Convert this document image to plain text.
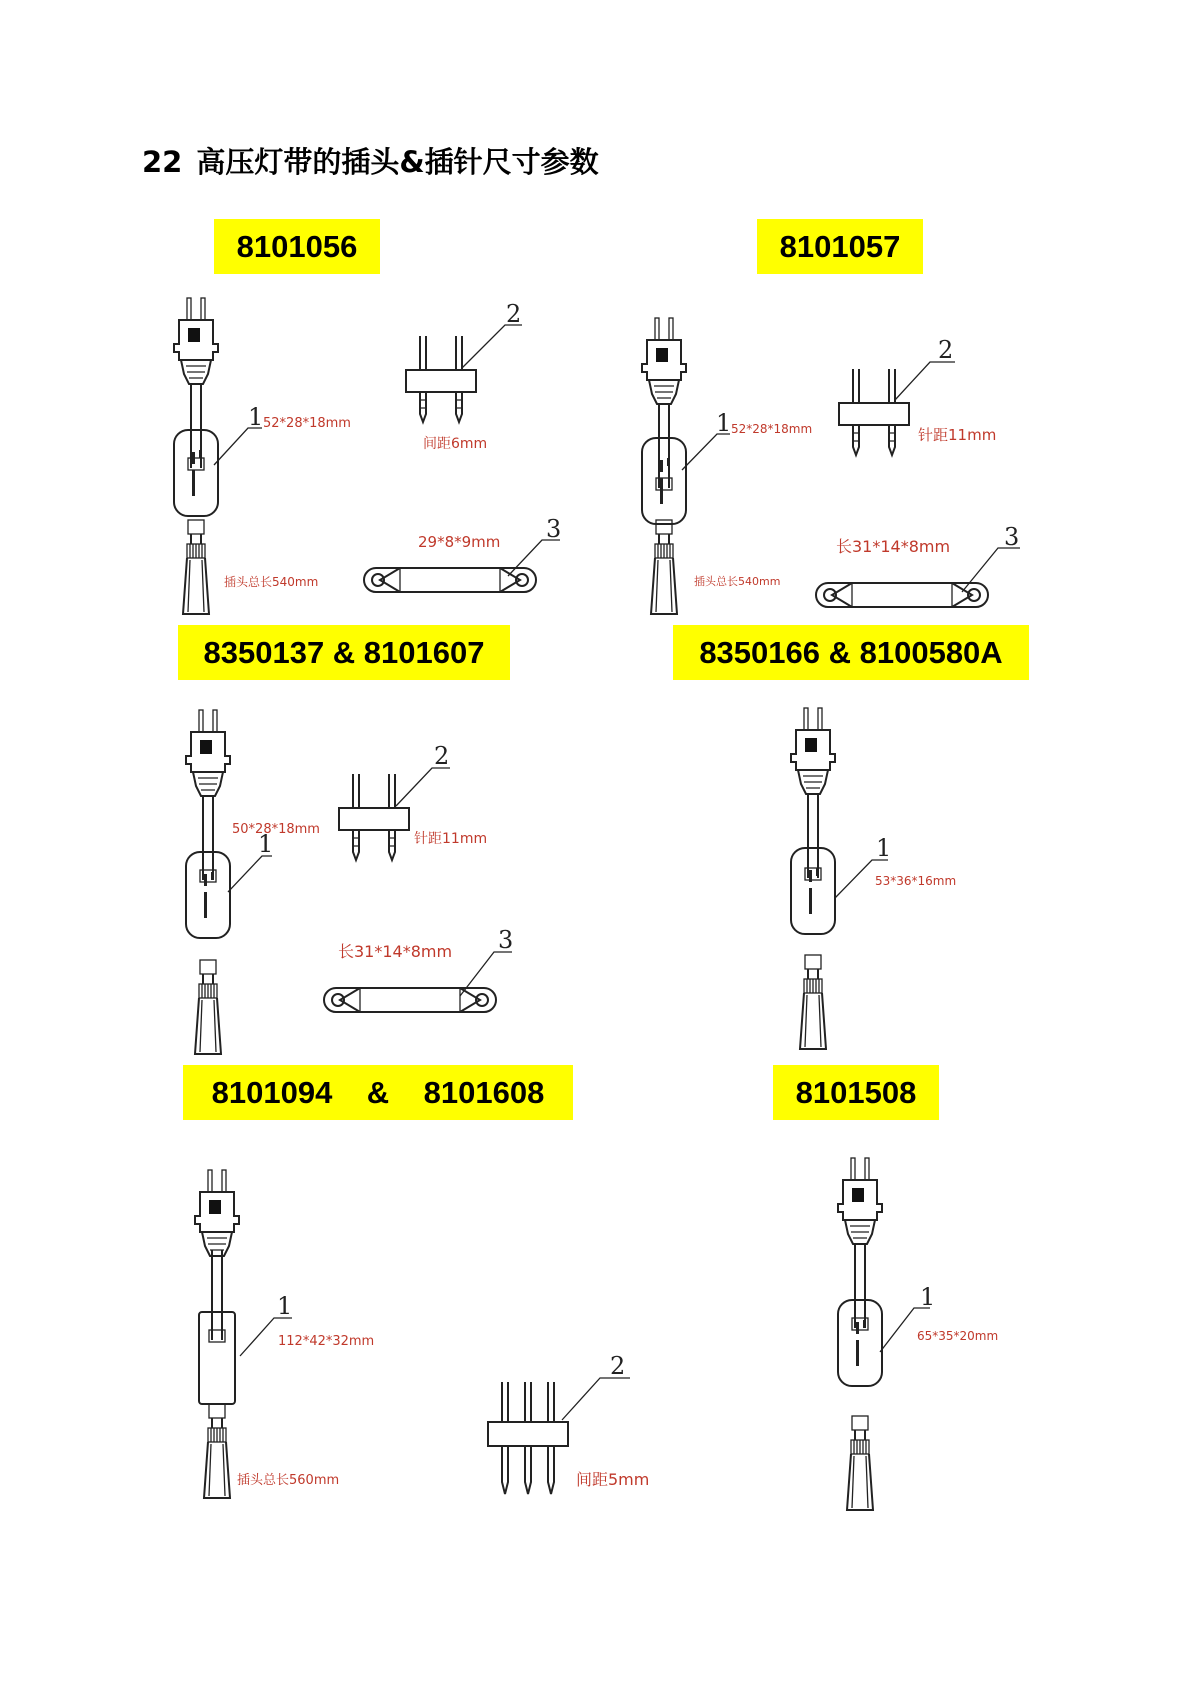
22 高压灯带的插头&插针尺寸参数
8101056	8101057
8350137 & 8101607	8350166 & 8100580A
8101094    &    8101608	8101508
1 52*28*18mm
2
间距6mm
3
29*8*9mm
插头总长540mm
1 52*28*18mm
2
针距11mm
3
长31*14*8mm
插头总长540mm
1
50*28*18mm
2
针距11mm
3
长31*14*8mm
1
53*36*16mm
1
112*42*32mm
2
间距5mm
插头总长560mm
1
65*35*20mm
